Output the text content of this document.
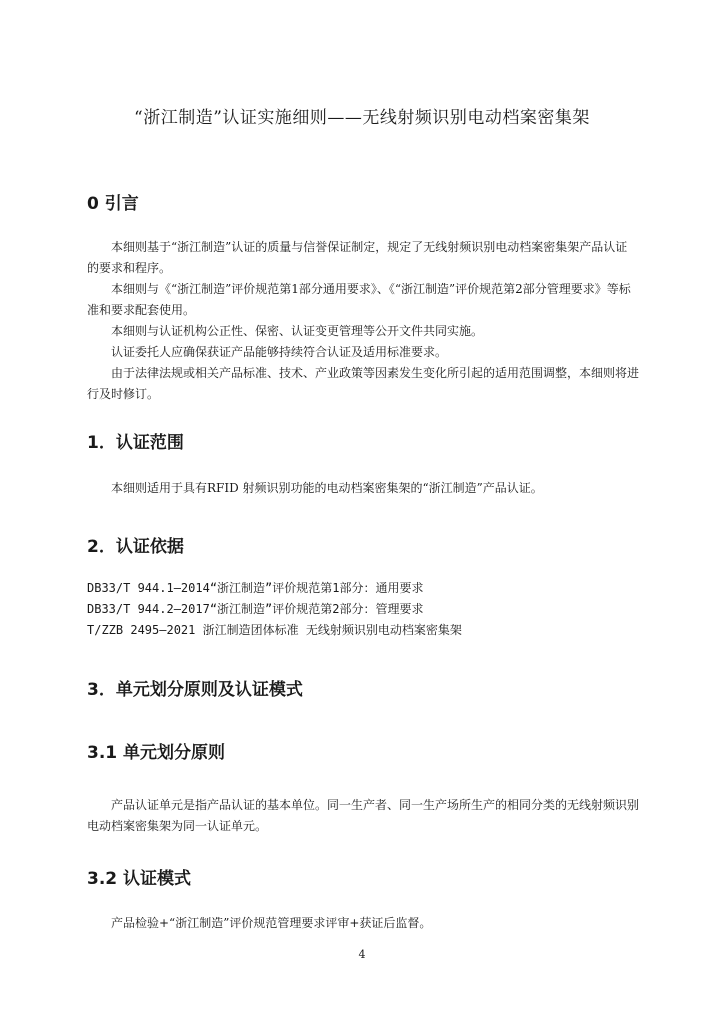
“浙江制造”认证实施细则——无线射频识别电动档案密集架
0 引言
本细则基于“浙江制造”认证的质量与信誉保证制定，规定了无线射频识别电动档案密集架产品认证的要求和程序。
本细则与《“浙江制造”评价规范第1部分通用要求》、《“浙江制造”评价规范第2部分管理要求》等标准和要求配套使用。
本细则与认证机构公正性、保密、认证变更管理等公开文件共同实施。
认证委托人应确保获证产品能够持续符合认证及适用标准要求。
由于法律法规或相关产品标准、技术、产业政策等因素发生变化所引起的适用范围调整，本细则将进行及时修订。
1．认证范围
本细则适用于具有RFID 射频识别功能的电动档案密集架的“浙江制造”产品认证。
2．认证依据
DB33/T 944.1—2014“浙江制造”评价规范第1部分：通用要求
DB33/T 944.2—2017“浙江制造”评价规范第2部分：管理要求
T/ZZB 2495—2021 浙江制造团体标准 无线射频识别电动档案密集架
3．单元划分原则及认证模式
3.1 单元划分原则
产品认证单元是指产品认证的基本单位。同一生产者、同一生产场所生产的相同分类的无线射频识别电动档案密集架为同一认证单元。
3.2 认证模式
产品检验+“浙江制造”评价规范管理要求评审+获证后监督。
4
